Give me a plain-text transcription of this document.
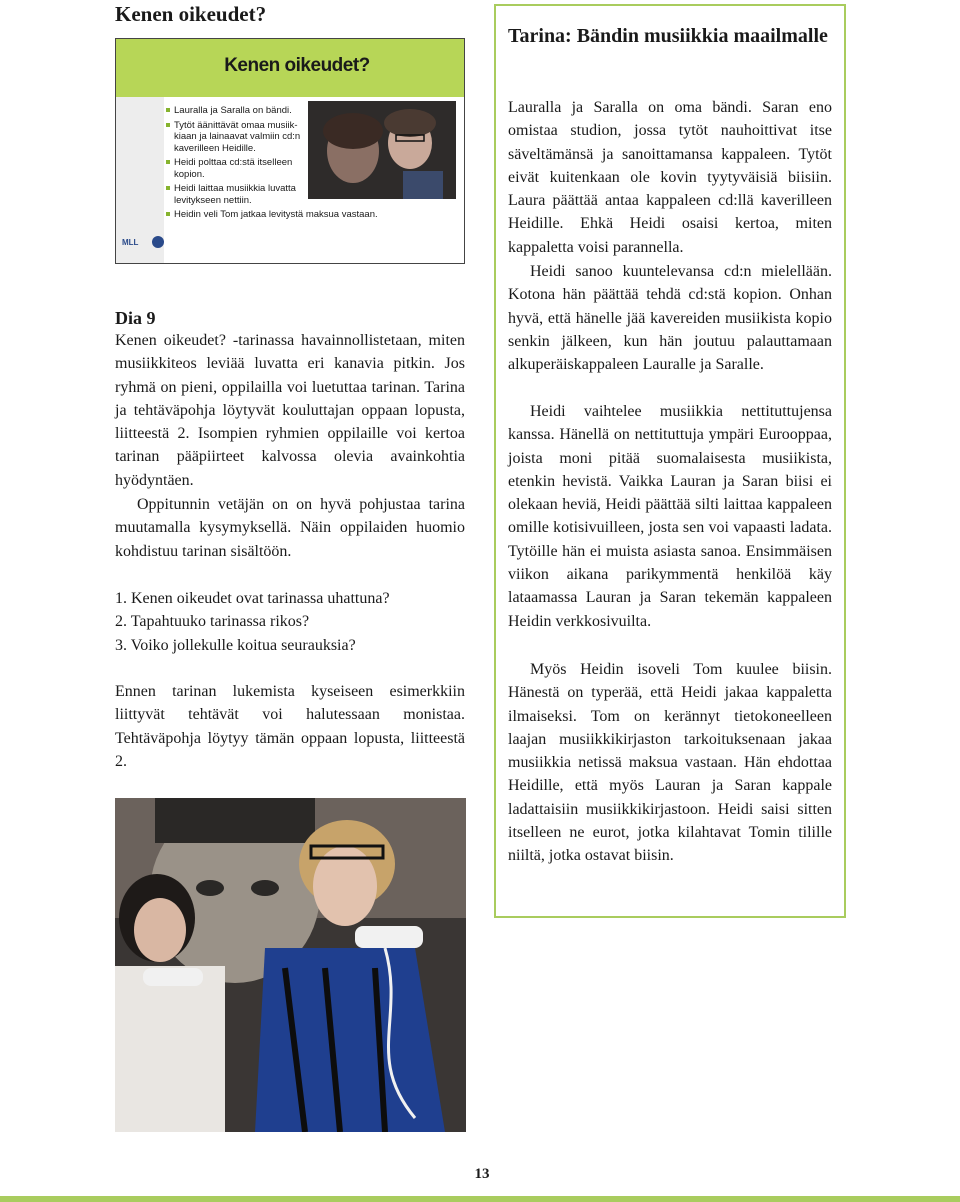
Kenen oikeudet?
Kenen oikeudet?
Lauralla ja Saralla on bändi.
Tytöt äänittävät omaa musiik-kiaan ja lainaavat valmiin cd:n kaverilleen Heidille.
Heidi polttaa cd:stä itselleen kopion.
Heidi laittaa musiikkia luvatta levitykseen nettiin.
Heidin veli Tom jatkaa levitystä maksua vastaan.
MLL
Dia 9

Kenen oikeudet? -tarinassa havainnollistetaan, miten musiikkiteos leviää luvatta eri kanavia pitkin. Jos ryhmä on pieni, oppilailla voi luetuttaa tarinan. Tarina ja tehtäväpohja löytyvät kouluttajan oppaan lopusta, liitteestä 2. Isompien ryhmien oppilaille voi kertoa tarinan pääpiirteet kalvossa olevia avainkohtia hyödyntäen.

Oppitunnin vetäjän on on hyvä pohjustaa tarina muutamalla kysymyksellä. Näin oppilaiden huomio kohdistuu tarinan sisältöön.

1. Kenen oikeudet ovat tarinassa uhattuna?
2. Tapahtuuko tarinassa rikos?
3. Voiko jollekulle koitua seurauksia?

Ennen tarinan lukemista kyseiseen esimerkkiin liittyvät tehtävät voi halutessaan monistaa. Tehtäväpohja löytyy tämän oppaan lopusta, liitteestä 2.

Tarina: Bändin musiikkia maailmalle

Lauralla ja Saralla on oma bändi. Saran eno omistaa studion, jossa tytöt nauhoittivat itse säveltämänsä ja sanoittamansa kappaleen. Tytöt eivät kuitenkaan ole kovin tyytyväisiä biisiin. Laura päättää antaa kappaleen cd:llä kaverilleen Heidille. Ehkä Heidi osaisi kertoa, miten kappaletta voisi parannella.

Heidi sanoo kuuntelevansa cd:n mielellään. Kotona hän päättää tehdä cd:stä kopion. Onhan hyvä, että hänelle jää kavereiden musiikista kopio senkin jälkeen, kun hän joutuu palauttamaan alkuperäiskappaleen Lauralle ja Saralle.

Heidi vaihtelee musiikkia nettituttujensa kanssa. Hänellä on nettituttuja ympäri Eurooppaa, joista moni pitää suomalaisesta musiikista, etenkin hevistä. Vaikka Lauran ja Saran biisi ei olekaan heviä, Heidi päättää silti laittaa kappaleen omille kotisivuilleen, josta sen voi vapaasti ladata. Tytöille hän ei muista asiasta sanoa. Ensimmäisen viikon aikana parikymmentä henkilöä käy lataamassa Lauran ja Saran tekemän kappaleen Heidin verkkosivuilta.

Myös Heidin isoveli Tom kuulee biisin. Hänestä on typerää, että Heidi jakaa kappaletta ilmaiseksi. Tom on kerännyt tietokoneelleen laajan musiikkikirjaston tarkoituksenaan jakaa musiikkia netissä maksua vastaan. Hän ehdottaa Heidille, että myös Lauran ja Saran kappale ladattaisiin musiikkikirjastoon. Heidi saisi sitten itselleen ne eurot, jotka kilahtavat Tomin tilille niiltä, jotka ostavat biisin.

13
